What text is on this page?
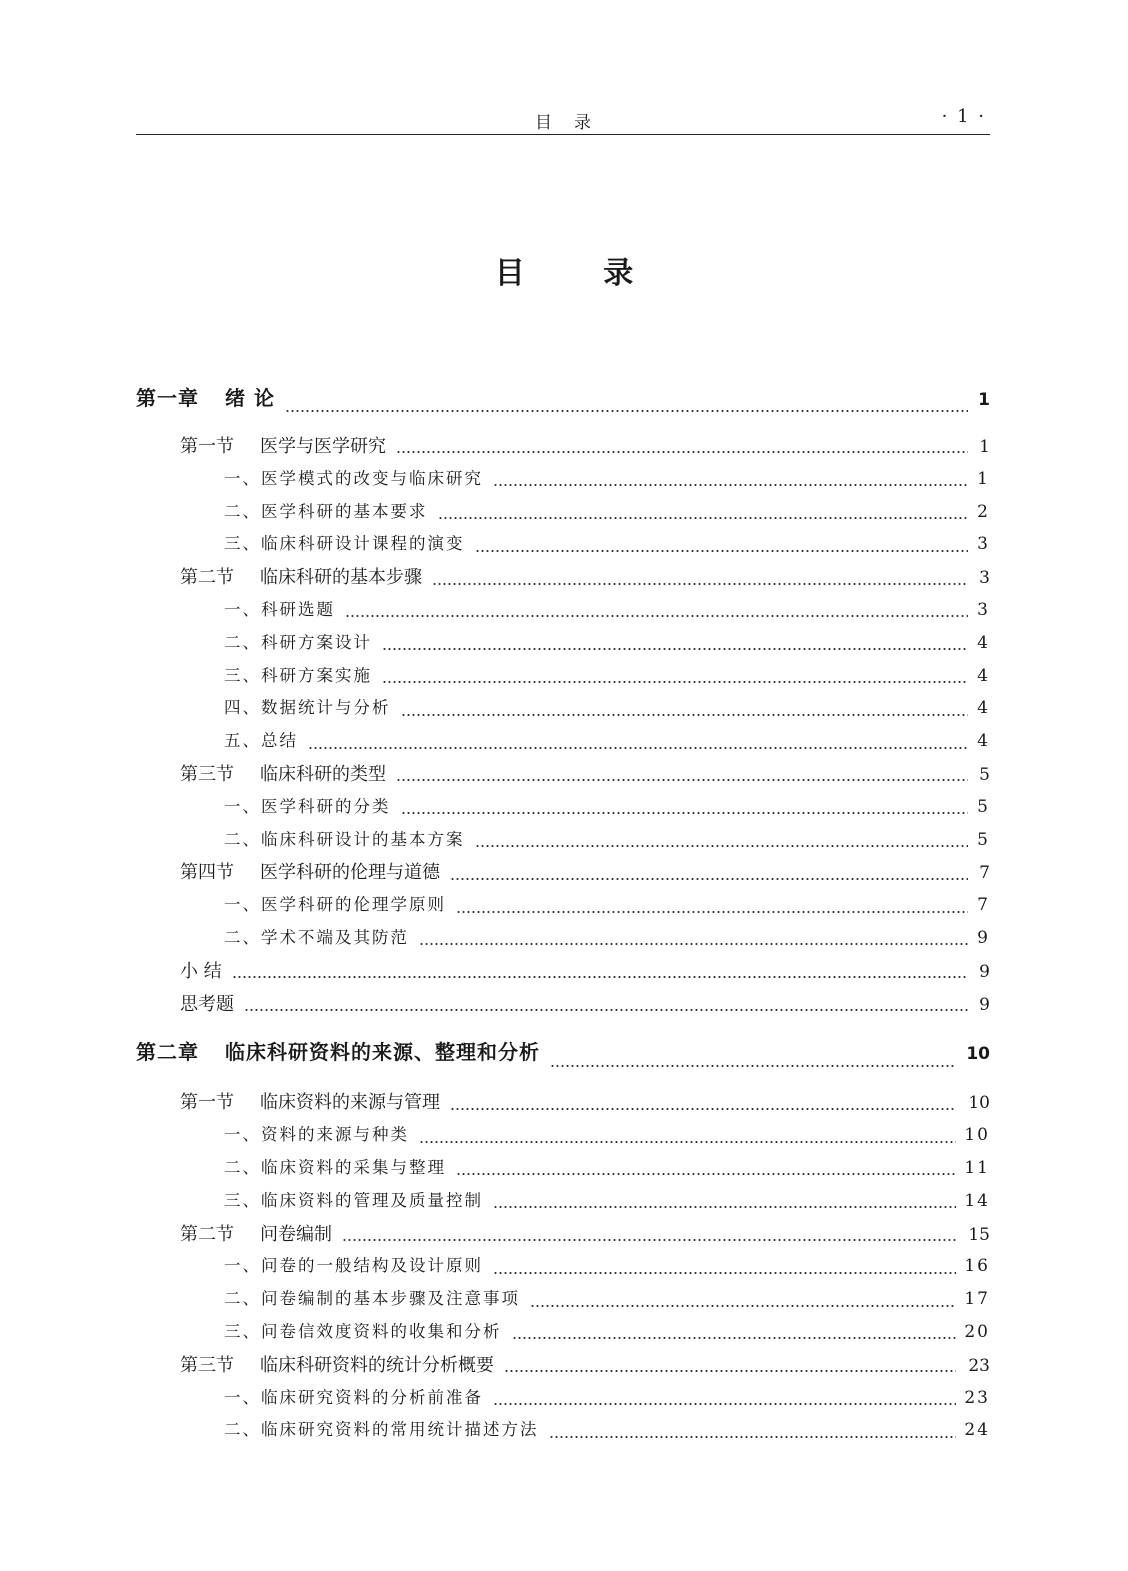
目录	· 1 ·
目 录
第一章 绪 论	1
第一节 医学与医学研究	1
一、医学模式的改变与临床研究	1
二、医学科研的基本要求	2
三、临床科研设计课程的演变	3
第二节 临床科研的基本步骤	3
一、科研选题	3
二、科研方案设计	4
三、科研方案实施	4
四、数据统计与分析	4
五、总结	4
第三节 临床科研的类型	5
一、医学科研的分类	5
二、临床科研设计的基本方案	5
第四节 医学科研的伦理与道德	7
一、医学科研的伦理学原则	7
二、学术不端及其防范	9
小 结	9
思考题	9
第二章 临床科研资料的来源、整理和分析	10
第一节 临床资料的来源与管理	10
一、资料的来源与种类	10
二、临床资料的采集与整理	11
三、临床资料的管理及质量控制	14
第二节 问卷编制	15
一、问卷的一般结构及设计原则	16
二、问卷编制的基本步骤及注意事项	17
三、问卷信效度资料的收集和分析	20
第三节 临床科研资料的统计分析概要	23
一、临床研究资料的分析前准备	23
二、临床研究资料的常用统计描述方法	24
